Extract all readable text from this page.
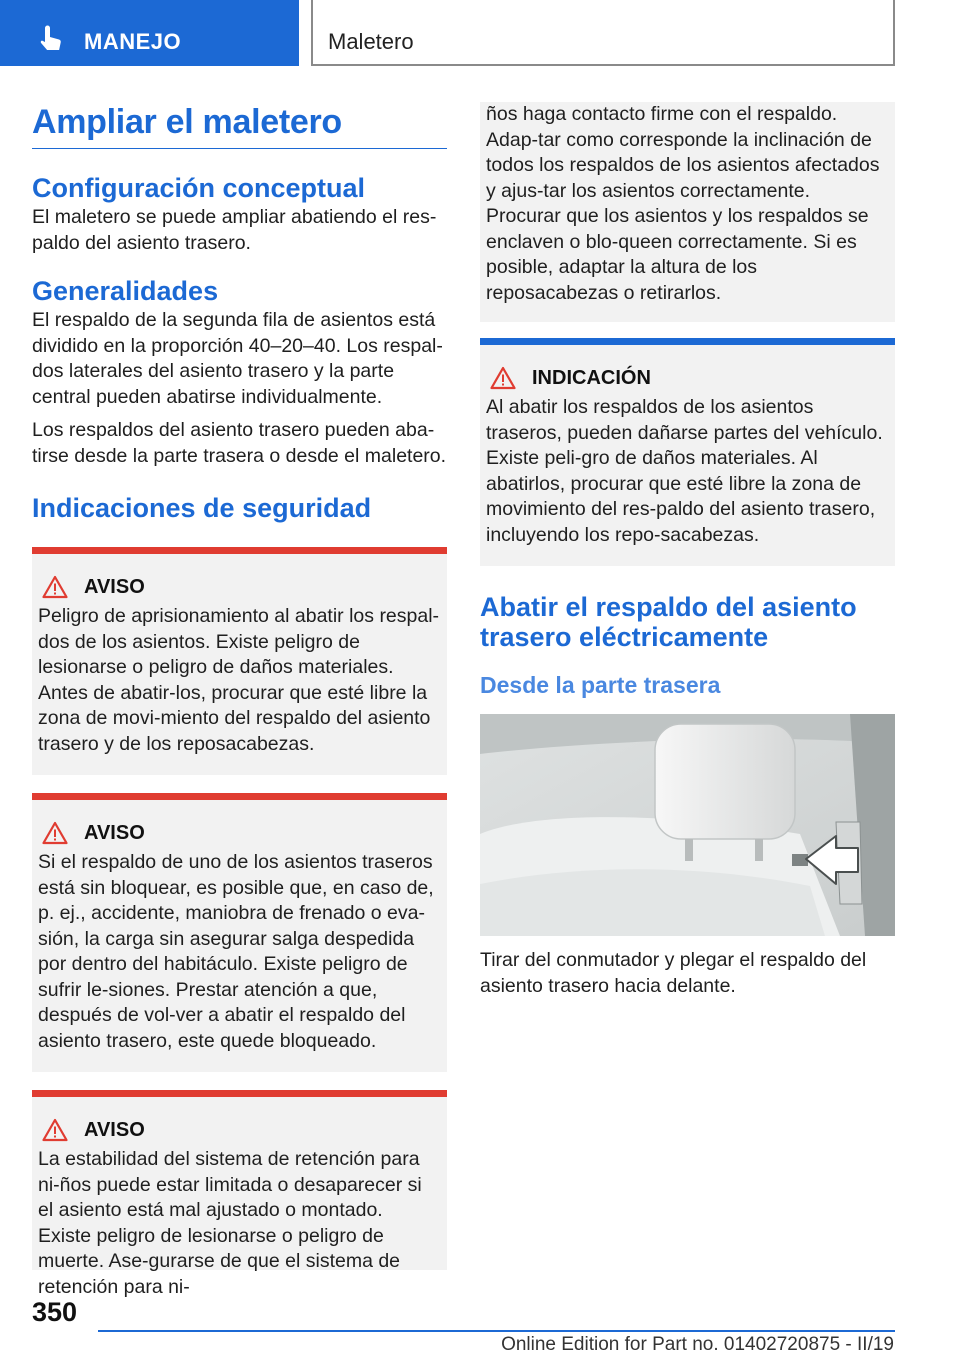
MANEJO	Maletero
Ampliar el maletero
Configuración conceptual

El maletero se puede ampliar abatiendo el res-paldo del asiento trasero.

Generalidades

El respaldo de la segunda fila de asientos está dividido en la proporción 40–20–40. Los respal-dos laterales del asiento trasero y la parte central pueden abatirse individualmente.

Los respaldos del asiento trasero pueden aba-tirse desde la parte trasera o desde el maletero.

Indicaciones de seguridad
AVISO

Peligro de aprisionamiento al abatir los respal-dos de los asientos. Existe peligro de lesionarse o peligro de daños materiales. Antes de abatir-los, procurar que esté libre la zona de movi-miento del respaldo del asiento trasero y de los reposacabezas.

AVISO

Si el respaldo de uno de los asientos traseros está sin bloquear, es posible que, en caso de, p. ej., accidente, maniobra de frenado o eva-sión, la carga sin asegurar salga despedida por dentro del habitáculo. Existe peligro de sufrir le-siones. Prestar atención a que, después de vol-ver a abatir el respaldo del asiento trasero, este quede bloqueado.

AVISO

La estabilidad del sistema de retención para ni-ños puede estar limitada o desaparecer si el asiento está mal ajustado o montado. Existe peligro de lesionarse o peligro de muerte. Ase-gurarse de que el sistema de retención para ni-

ños haga contacto firme con el respaldo. Adap-tar como corresponde la inclinación de todos los respaldos de los asientos afectados y ajus-tar los asientos correctamente. Procurar que los asientos y los respaldos se enclaven o blo-queen correctamente. Si es posible, adaptar la altura de los reposacabezas o retirarlos.

INDICACIÓN

Al abatir los respaldos de los asientos traseros, pueden dañarse partes del vehículo. Existe peli-gro de daños materiales. Al abatirlos, procurar que esté libre la zona de movimiento del res-paldo del asiento trasero, incluyendo los repo-sacabezas.

Abatir el respaldo del asiento trasero eléctricamente
Desde la parte trasera

Tirar del conmutador y plegar el respaldo del asiento trasero hacia delante.

350
Online Edition for Part no. 01402720875 - II/19
